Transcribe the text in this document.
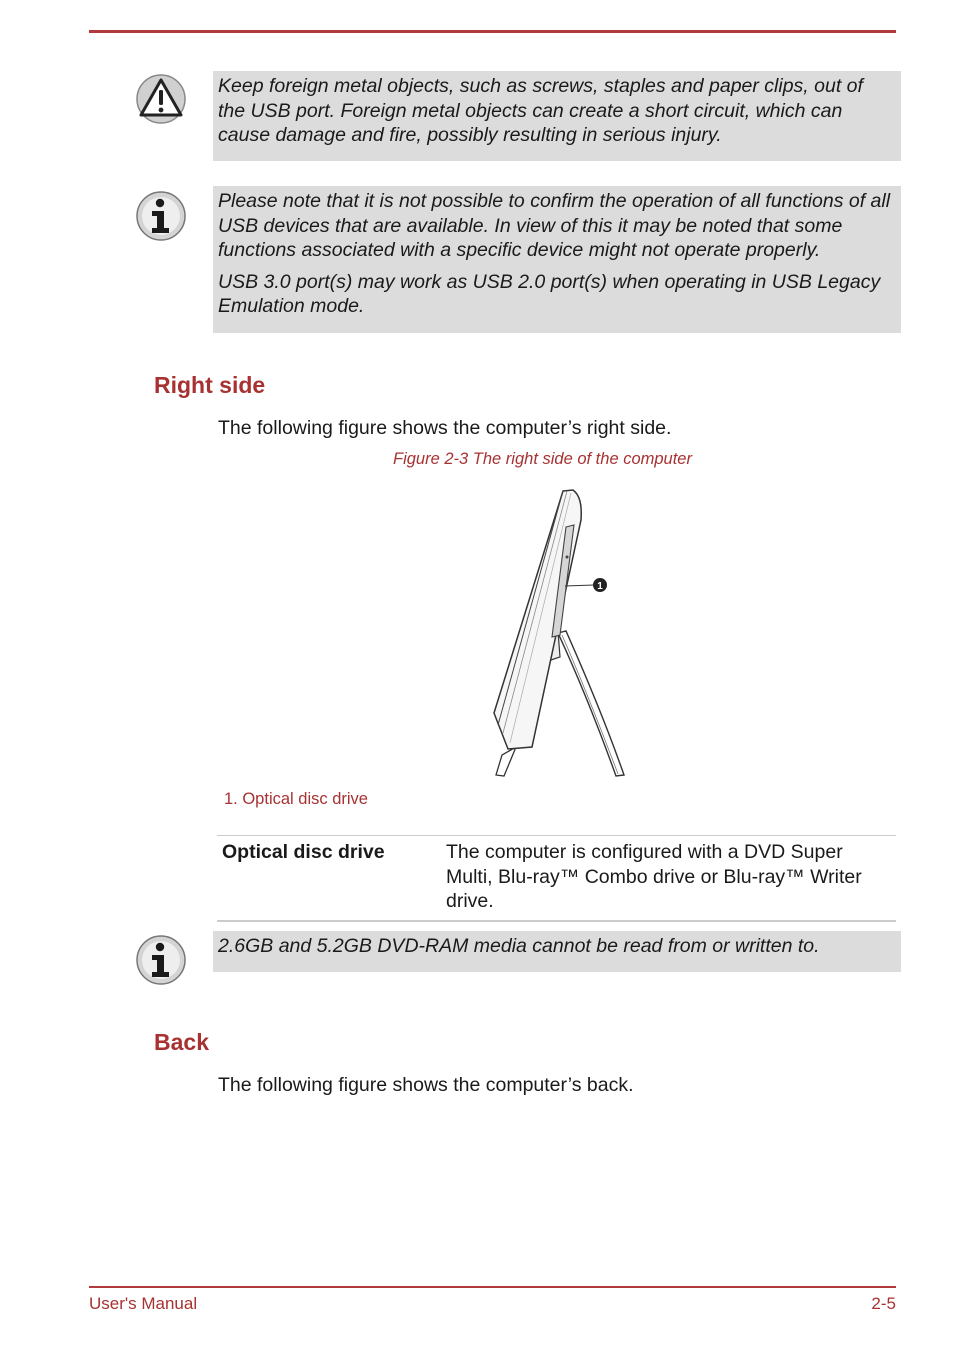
Keep foreign metal objects, such as screws, staples and paper clips, out of the USB port. Foreign metal objects can create a short circuit, which can cause damage and fire, possibly resulting in serious injury.

Please note that it is not possible to confirm the operation of all functions of all USB devices that are available. In view of this it may be noted that some functions associated with a specific device might not operate properly.

USB 3.0 port(s) may work as USB 2.0 port(s) when operating in USB Legacy Emulation mode.

Right side

The following figure shows the computer’s right side.

Figure 2-3 The right side of the computer
1
1. Optical disc drive
Optical disc drive	The computer is configured with a DVD Super Multi, Blu-ray™ Combo drive or Blu-ray™ Writer drive.

2.6GB and 5.2GB DVD-RAM media cannot be read from or written to.

Back

The following figure shows the computer’s back.

User's Manual	2-5
